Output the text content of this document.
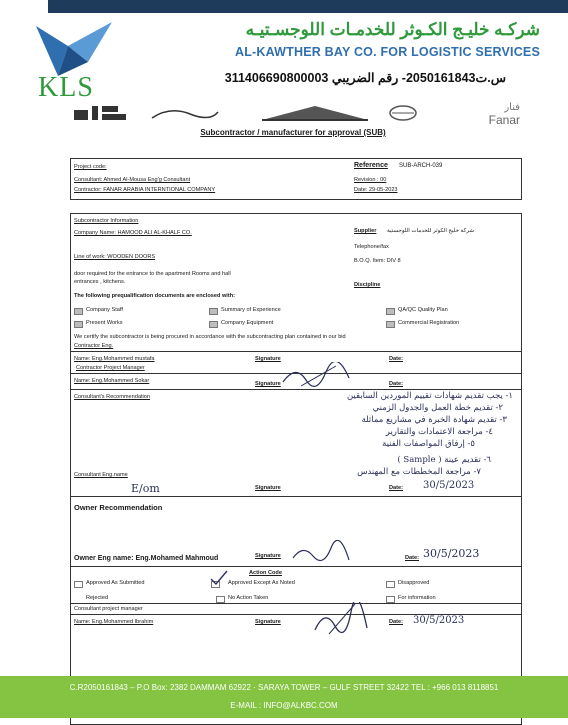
KLS
شركـه خليـج الكـوثر للخدمـات اللوجسـتيـه
AL-KAWTHER BAY CO. FOR LOGISTIC SERVICES
س.ت2050161843- رقم الضريبي 311406690800003
فنار
Fanar
Subcontractor / manufacturer for approval (SUB)
Project code:
Consultant: Ahmed Al-Mousa Eng'g Consultant
Contractor: FANAR ARABIA INTERNTIONAL COMPANY
Reference SUB-ARCH-039
Revision : 00
Date: 29-05-2023
Subcontractor Information
Company Name: HAMOOD ALI AL-KHALF CO.	Supplier شركة خليج الكوثر للخدمات اللوجستية
Telephone/fax
B.O.Q. Item: DIV 8
Line of work: WOODEN DOORS
door required for the entrance to the apartment Rooms and hall
entrances , kitchens.	Discipline
The following prequalification documents are enclosed with:
Company Staff	Summary of Experience	QA/QC Quality Plan
Present Works	Company Equipment	Commercial Registration
We certify the subcontractor is being procured in accordance with the subcontracting plan contained in our bid
Contractor Eng.
Name: Eng.Mohammed mustafa	Signature	Date:
Contractor Project Manager
Name: Eng.Mohammed Sokar	Signature	Date:
Consultant's Recommendation	١- يجب تقديم شهادات تقييم الموردين السابقين
٢- تقديم خطة العمل والجدول الزمني
٣- تقديم شهادة الخبرة في مشاريع مماثلة
٤- مراجعة الاعتمادات والتقارير
٥- إرفاق المواصفات الفنية
٦- تقديم عينة ( Sample )
٧- مراجعة المخططات مع المهندس
Consultant Eng.name
E/om	Signature	Date: 30/5/2023
Owner Recommendation
Owner Eng name: Eng.Mohamed Mahmoud	Signature	Date: 30/5/2023
Action Code
Approved As Submitted	Approved Except As Noted	Disapproved
Rejected	No Action Taken	For information
Consultant project manager
Name: Eng.Mohammed Ibrahim	Signature	Date: 30/5/2023
C.R2050161843 – P.O Box: 2382 DAMMAM 62922 · SARAYA TOWER – GULF STREET 32422 TEL : +966 013 8118851
E-MAIL : INFO@ALKBC.COM
